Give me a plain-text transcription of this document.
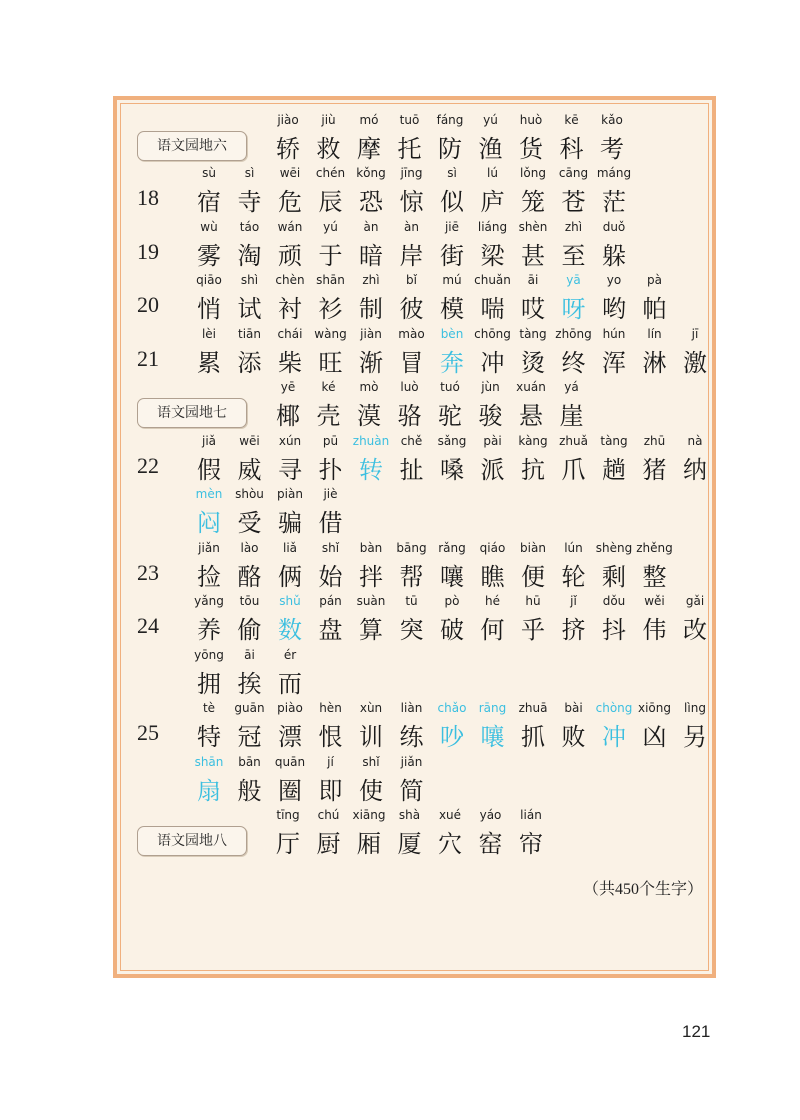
语文园地六
jiào
轿
jiù
救
mó
摩
tuō
托
fáng
防
yú
渔
huò
货
kē
科
kǎo
考
18
sù
宿
sì
寺
wēi
危
chén
辰
kǒng
恐
jīng
惊
sì
似
lú
庐
lǒng
笼
cāng
苍
máng
茫
19
wù
雾
táo
淘
wán
顽
yú
于
àn
暗
àn
岸
jiē
街
liáng
梁
shèn
甚
zhì
至
duǒ
躲
20
qiāo
悄
shì
试
chèn
衬
shān
衫
zhì
制
bǐ
彼
mú
模
chuǎn
喘
āi
哎
yā
呀
yo
哟
pà
帕
21
lèi
累
tiān
添
chái
柴
wàng
旺
jiàn
渐
mào
冒
bèn
奔
chōng
冲
tàng
烫
zhōng
终
hún
浑
lín
淋
jī
激
语文园地七
yē
椰
ké
壳
mò
漠
luò
骆
tuó
驼
jùn
骏
xuán
悬
yá
崖
22
jiǎ
假
wēi
威
xún
寻
pū
扑
zhuàn
转
chě
扯
sǎng
嗓
pài
派
kàng
抗
zhuǎ
爪
tàng
趟
zhū
猪
nà
纳
mèn
闷
shòu
受
piàn
骗
jiè
借
23
jiǎn
捡
lào
酪
liǎ
俩
shǐ
始
bàn
拌
bāng
帮
rǎng
嚷
qiáo
瞧
biàn
便
lún
轮
shèng
剩
zhěng
整
24
yǎng
养
tōu
偷
shǔ
数
pán
盘
suàn
算
tū
突
pò
破
hé
何
hū
乎
jǐ
挤
dǒu
抖
wěi
伟
gǎi
改
yōng
拥
āi
挨
ér
而
25
tè
特
guān
冠
piào
漂
hèn
恨
xùn
训
liàn
练
chǎo
吵
rāng
嚷
zhuā
抓
bài
败
chòng
冲
xiōng
凶
lìng
另
shān
扇
bān
般
quān
圈
jí
即
shǐ
使
jiǎn
简
语文园地八
tīng
厅
chú
厨
xiāng
厢
shà
厦
xué
穴
yáo
窑
lián
帘
（共450个生字）
121
